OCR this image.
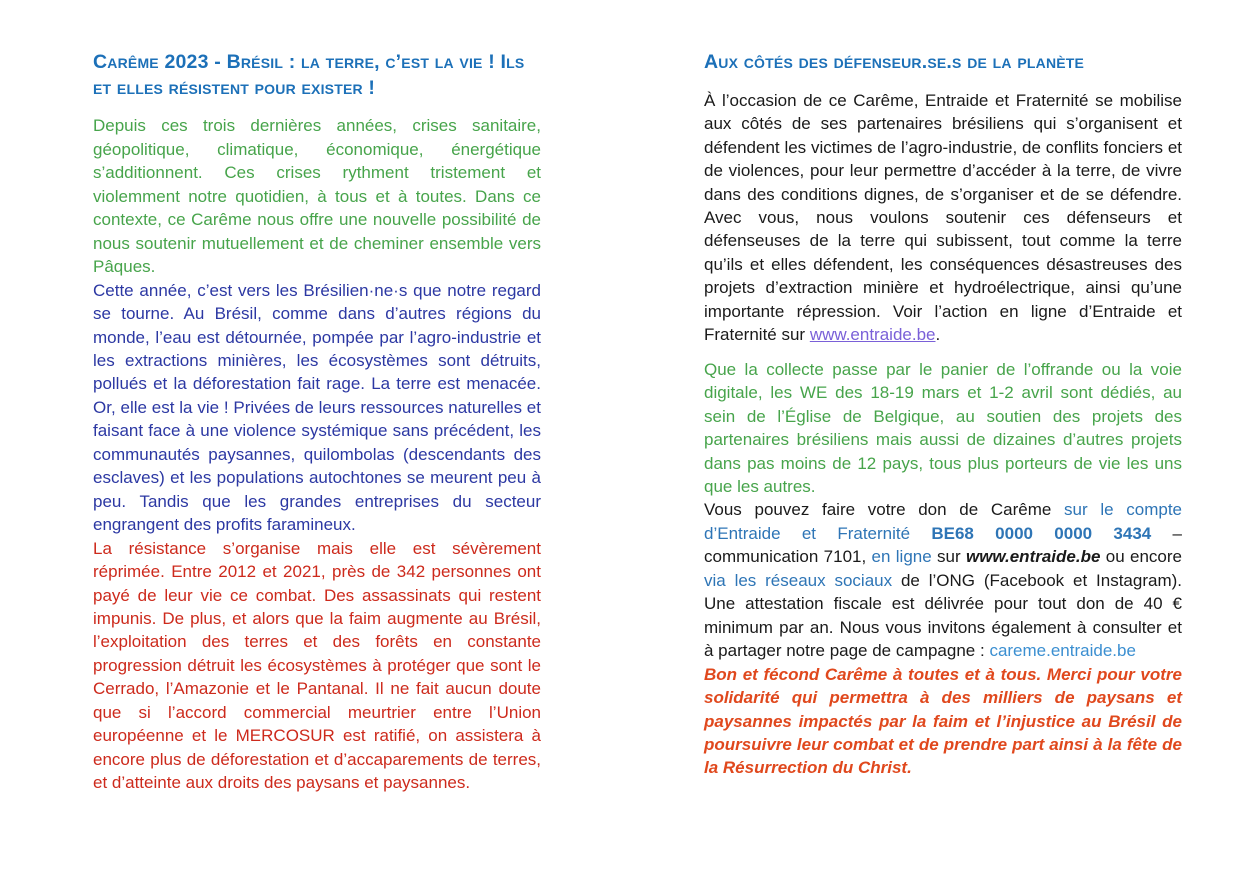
Carême 2023 - Brésil : la terre, c’est la vie ! Ils et elles résistent pour exister !

Depuis ces trois dernières années, crises sanitaire, géopolitique, climatique, économique, énergétique s’additionnent. Ces crises rythment tristement et violemment notre quotidien, à tous et à toutes. Dans ce contexte, ce Carême nous offre une nouvelle possibilité de nous soutenir mutuellement et de cheminer ensemble vers Pâques.

Cette année, c’est vers les Brésilien·ne·s que notre regard se tourne. Au Brésil, comme dans d’autres régions du monde, l’eau est détournée, pompée par l’agro-industrie et les extractions minières, les écosystèmes sont détruits, pollués et la déforestation fait rage. La terre est menacée. Or, elle est la vie ! Privées de leurs ressources naturelles et faisant face à une violence systémique sans précédent, les communautés paysannes, quilombolas (descendants des esclaves) et les populations autochtones se meurent peu à peu. Tandis que les grandes entreprises du secteur engrangent des profits faramineux.

La résistance s’organise mais elle est sévèrement réprimée. Entre 2012 et 2021, près de 342 personnes ont payé de leur vie ce combat. Des assassinats qui restent impunis. De plus, et alors que la faim augmente au Brésil, l’exploitation des terres et des forêts en constante progression détruit les écosystèmes à protéger que sont le Cerrado, l’Amazonie et le Pantanal. Il ne fait aucun doute que si l’accord commercial meurtrier entre l’Union européenne et le MERCOSUR est ratifié, on assistera à encore plus de déforestation et d’accaparements de terres, et d’atteinte aux droits des paysans et paysannes.

Aux côtés des défenseur.se.s de la planète

À l’occasion de ce Carême, Entraide et Fraternité se mobilise aux côtés de ses partenaires brésiliens qui s’organisent et défendent les victimes de l’agro-industrie, de conflits fonciers et de violences, pour leur permettre d’accéder à la terre, de vivre dans des conditions dignes, de s’organiser et de se défendre. Avec vous, nous voulons soutenir ces défenseurs et défenseuses de la terre qui subissent, tout comme la terre qu’ils et elles défendent, les conséquences désastreuses des projets d’extraction minière et hydroélectrique, ainsi qu’une importante répression. Voir l’action en ligne d’Entraide et Fraternité sur www.entraide.be.

Que la collecte passe par le panier de l’offrande ou la voie digitale, les WE des 18-19 mars et 1-2 avril sont dédiés, au sein de l’Église de Belgique, au soutien des projets des partenaires brésiliens mais aussi de dizaines d’autres projets dans pas moins de 12 pays, tous plus porteurs de vie les uns que les autres.

Vous pouvez faire votre don de Carême sur le compte d’Entraide et Fraternité BE68 0000 0000 3434 – communication 7101, en ligne sur www.entraide.be ou encore via les réseaux sociaux de l’ONG (Facebook et Instagram). Une attestation fiscale est délivrée pour tout don de 40 € minimum par an. Nous vous invitons également à consulter et à partager notre page de campagne : careme.entraide.be

Bon et fécond Carême à toutes et à tous. Merci pour votre solidarité qui permettra à des milliers de paysans et paysannes impactés par la faim et l’injustice au Brésil de poursuivre leur combat et de prendre part ainsi à la fête de la Résurrection du Christ.
